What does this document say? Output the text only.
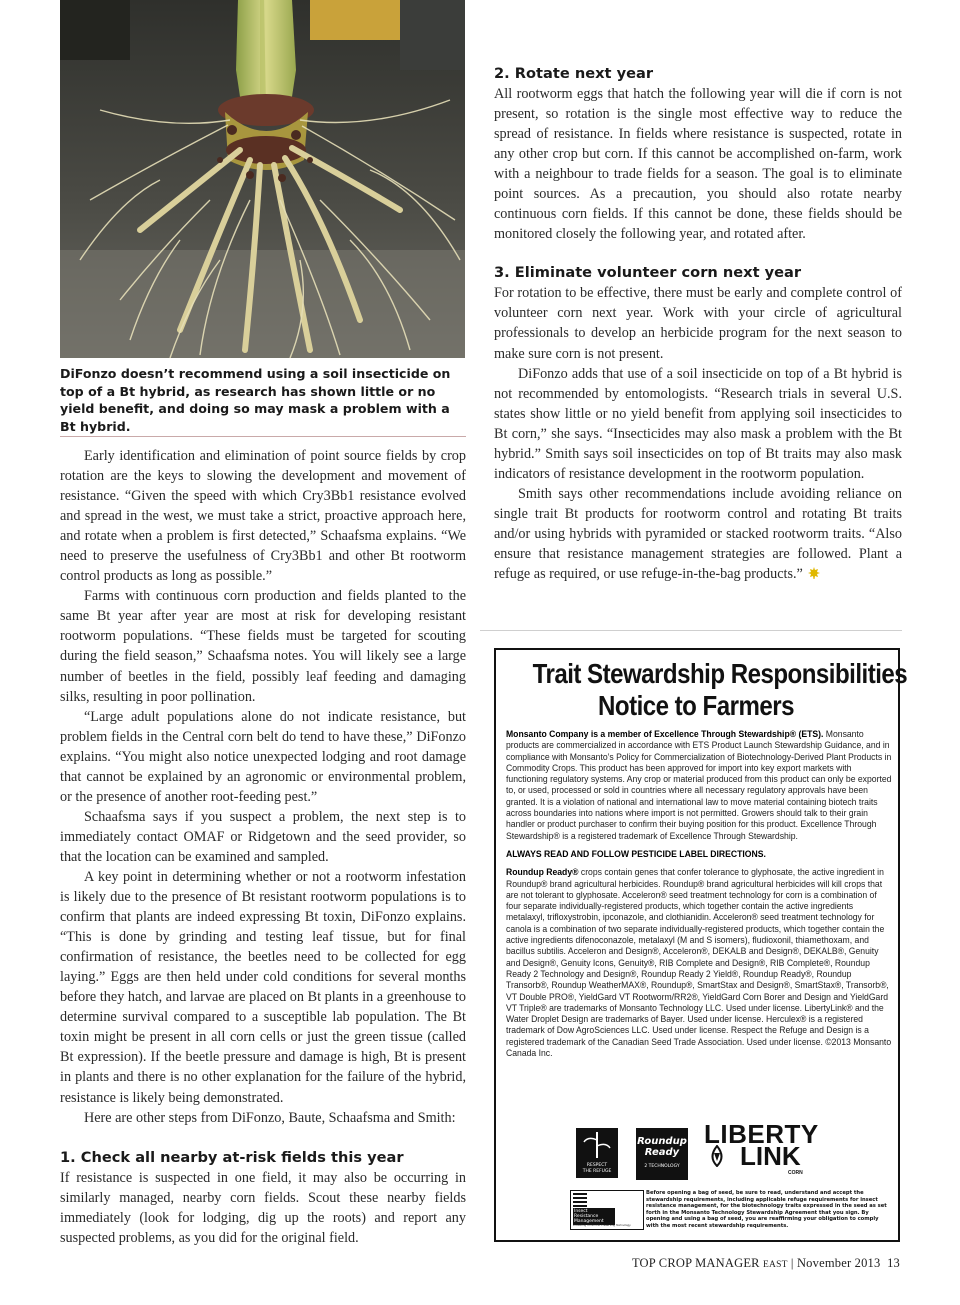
DiFonzo doesn’t recommend using a soil insecticide on top of a Bt hybrid, as research has shown little or no yield benefit, and doing so may mask a problem with a Bt hybrid.

Early identification and elimination of point source fields by crop rotation are the keys to slowing the development and movement of resistance. “Given the speed with which Cry3Bb1 resistance evolved and spread in the west, we must take a strict, proactive approach here, and rotate when a problem is first detected,” Schaafsma explains. “We need to preserve the usefulness of Cry3Bb1 and other Bt rootworm control products as long as possible.”

Farms with continuous corn production and fields planted to the same Bt year after year are most at risk for developing resistant rootworm populations. “These fields must be targeted for scouting during the field season,” Schaafsma notes. You will likely see a large number of beetles in the field, possibly leaf feeding and damaging silks, resulting in poor pollination.

“Large adult populations alone do not indicate resistance, but problem fields in the Central corn belt do tend to have these,” DiFonzo explains. “You might also notice unexpected lodging and root damage that cannot be explained by an agronomic or environmental problem, or the presence of another root-feeding pest.”

Schaafsma says if you suspect a problem, the next step is to immediately contact OMAF or Ridgetown and the seed provider, so that the location can be examined and sampled.

A key point in determining whether or not a rootworm infestation is likely due to the presence of Bt resistant rootworm populations is to confirm that plants are indeed expressing Bt toxin, DiFonzo explains. “This is done by grinding and testing leaf tissue, but for final confirmation of resistance, the beetles need to be collected for egg laying.” Eggs are then held under cold conditions for several months before they hatch, and larvae are placed on Bt plants in a greenhouse to determine survival compared to a susceptible lab population. The Bt toxin might be present in all corn cells or just the green tissue (called Bt expression). If the beetle pressure and damage is high, Bt is present in plants and there is no other explanation for the failure of the hybrid, resistance is likely being demonstrated.

Here are other steps from DiFonzo, Baute, Schaafsma and Smith:

1. Check all nearby at-risk fields this year

If resistance is suspected in one field, it may also be occurring in similarly managed, nearby corn fields. Scout these nearby fields immediately (look for lodging, dig up the roots) and report any suspected problems, as you did for the original field.

2. Rotate next year

All rootworm eggs that hatch the following year will die if corn is not present, so rotation is the single most effective way to reduce the spread of resistance. In fields where resistance is suspected, rotate in any other crop but corn. If this cannot be accomplished on-farm, work with a neighbour to trade fields for a season. The goal is to eliminate point sources. As a precaution, you should also rotate nearby continuous corn fields. If this cannot be done, these fields should be monitored closely the following year, and rotated after.

3. Eliminate volunteer corn next year

For rotation to be effective, there must be early and complete control of volunteer corn next year. Work with your circle of agricultural professionals to develop an herbicide program for the next season to make sure corn is not present.

DiFonzo adds that use of a soil insecticide on top of a Bt hybrid is not recommended by entomologists. “Research trials in several U.S. states show little or no yield benefit from applying soil insecticides to Bt corn,” she says. “Insecticides may also mask a problem with the Bt hybrid.” Smith says soil insecticides on top of Bt traits may also mask indicators of resistance development in the rootworm population.

Smith says other recommendations include avoiding reliance on single trait Bt products for rootworm control and rotating Bt traits and/or using hybrids with pyramided or stacked rootworm traits. “Also ensure that resistance management strategies are followed. Plant a refuge as required, or use refuge-in-the-bag products.”

Trait Stewardship Responsibilities
Notice to Farmers

Monsanto Company is a member of Excellence Through Stewardship® (ETS). Monsanto products are commercialized in accordance with ETS Product Launch Stewardship Guidance, and in compliance with Monsanto’s Policy for Commercialization of Biotechnology-Derived Plant Products in Commodity Crops. This product has been approved for import into key export markets with functioning regulatory systems. Any crop or material produced from this product can only be exported to, or used, processed or sold in countries where all necessary regulatory approvals have been granted. It is a violation of national and international law to move material containing biotech traits across boundaries into nations where import is not permitted. Growers should talk to their grain handler or product purchaser to confirm their buying position for this product. Excellence Through Stewardship® is a registered trademark of Excellence Through Stewardship.

ALWAYS READ AND FOLLOW PESTICIDE LABEL DIRECTIONS.

Roundup Ready® crops contain genes that confer tolerance to glyphosate, the active ingredient in Roundup® brand agricultural herbicides. Roundup® brand agricultural herbicides will kill crops that are not tolerant to glyphosate. Acceleron® seed treatment technology for corn is a combination of four separate individually-registered products, which together contain the active ingredients metalaxyl, trifloxystrobin, ipconazole, and clothianidin. Acceleron® seed treatment technology for canola is a combination of two separate individually-registered products, which together contain the active ingredients difenoconazole, metalaxyl (M and S isomers), fludioxonil, thiamethoxam, and bacillus subtilis. Acceleron and Design®, Acceleron®, DEKALB and Design®, DEKALB®, Genuity and Design®, Genuity Icons, Genuity®, RIB Complete and Design®, RIB Complete®, Roundup Ready 2 Technology and Design®, Roundup Ready 2 Yield®, Roundup Ready®, Roundup Transorb®, Roundup WeatherMAX®, Roundup®, SmartStax and Design®, SmartStax®, Transorb®, VT Double PRO®, YieldGard VT Rootworm/RR2®, YieldGard Corn Borer and Design and YieldGard VT Triple® are trademarks of Monsanto Technology LLC. Used under license. LibertyLink® and the Water Droplet Design are trademarks of Bayer. Used under license. Herculex® is a registered trademark of Dow AgroSciences LLC. Used under license. Respect the Refuge and Design is a registered trademark of the Canadian Seed Trade Association. Used under license. ©2013 Monsanto Canada Inc.

RESPECT
THE REFUGE
Roundup
Ready
2 TECHNOLOGY
LIBERTY
LINK
CORN
Insect
Resistance
Management
Protecting Tomorrow. Preserving Technology.
Before opening a bag of seed, be sure to read, understand and accept the stewardship requirements, including applicable refuge requirements for insect resistance management, for the biotechnology traits expressed in the seed as set forth in the Monsanto Technology Stewardship Agreement that you sign. By opening and using a bag of seed, you are reaffirming your obligation to comply with the most recent stewardship requirements.
TOP CROP MANAGER EAST | November 2013 13
